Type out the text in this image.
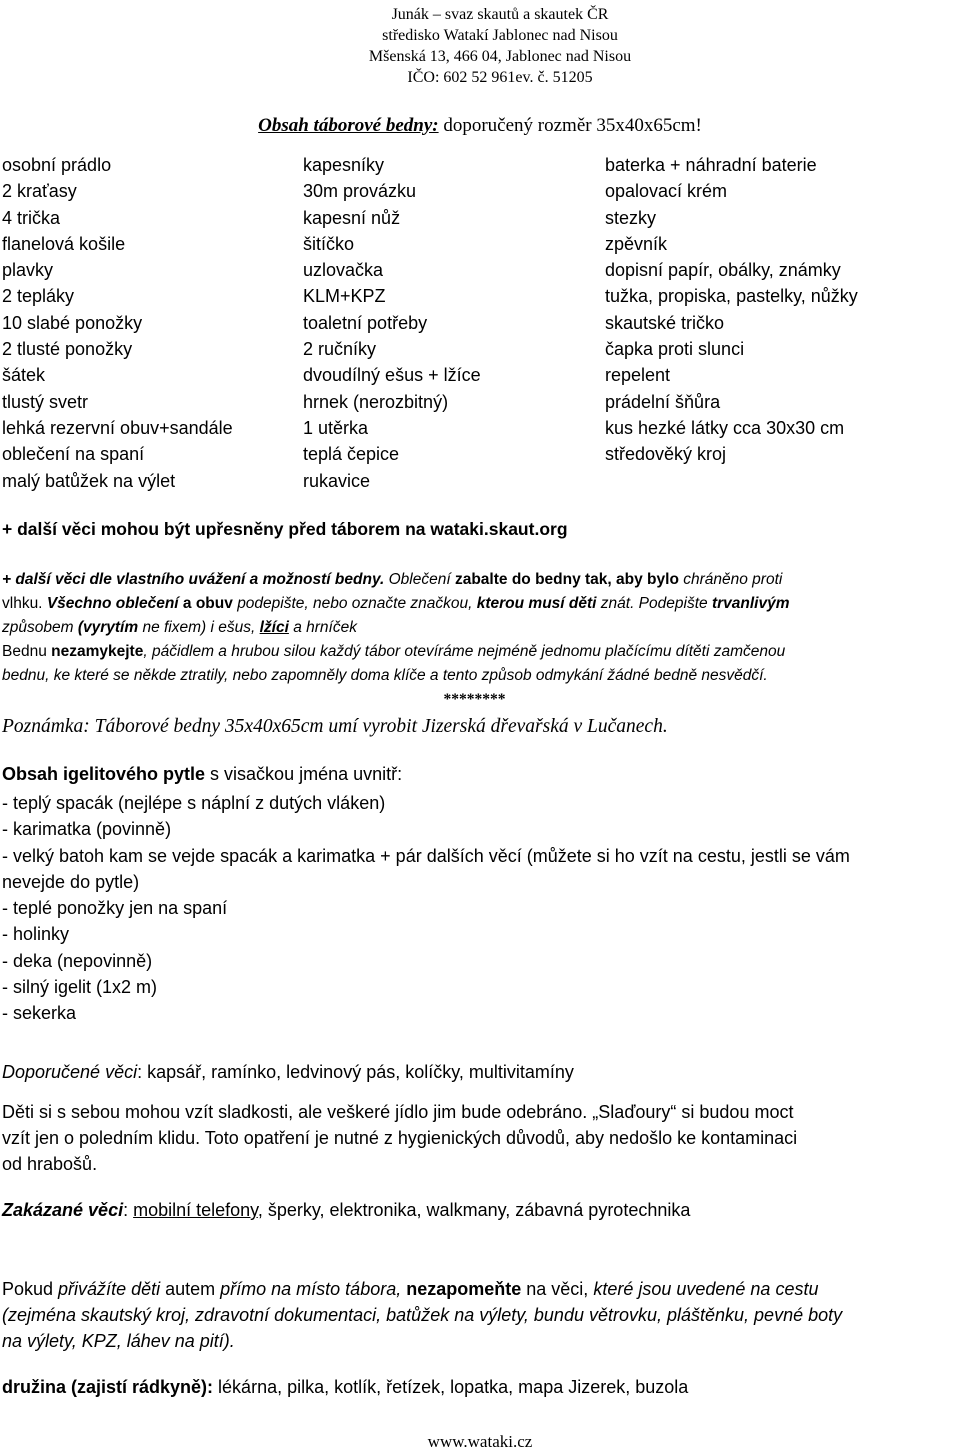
Junák – svaz skautů a skautek ČR
středisko Watakí Jablonec nad Nisou
Mšenská 13, 466 04, Jablonec nad Nisou
IČO: 602 52 961ev. č. 51205
Obsah táborové bedny: doporučený rozměr 35x40x65cm!
osobní prádlo
2 kraťasy
4 trička
flanelová košile
plavky
2 tepláky
10 slabé ponožky
2 tlusté ponožky
šátek
tlustý svetr
lehká rezervní obuv+sandále
oblečení na spaní
malý batůžek na výlet
kapesníky
30m provázku
kapesní nůž
šitíčko
uzlovačka
KLM+KPZ
toaletní potřeby
2 ručníky
dvoudílný ešus + lžíce
hrnek (nerozbitný)
1 utěrka
teplá čepice
rukavice
baterka + náhradní baterie
opalovací krém
stezky
zpěvník
dopisní papír, obálky, známky
tužka, propiska, pastelky, nůžky
skautské tričko
čapka proti slunci
repelent
prádelní šňůra
kus hezké látky cca 30x30 cm
středověký kroj
+ další věci mohou být upřesněny před táborem na wataki.skaut.org
+ další věci dle vlastního uvážení a možností bedny. Oblečení zabalte do bedny tak, aby bylo chráněno proti
vlhku. Všechno oblečení a obuv podepište, nebo označte značkou, kterou musí děti znát. Podepište trvanlivým
způsobem (vyrytím ne fixem) i ešus, lžíci a hrníček
Bednu nezamykejte, páčidlem a hrubou silou každý tábor otevíráme nejméně jednomu plačícímu dítěti zamčenou
bednu, ke které se někde ztratily, nebo zapomněly doma klíče a tento způsob odmykání žádné bedně nesvědčí.

********
Poznámka: Táborové bedny 35x40x65cm umí vyrobit Jizerská dřevařská v Lučanech.
Obsah igelitového pytle s visačkou jména uvnitř:
- teplý spacák (nejlépe s náplní z dutých vláken)
- karimatka (povinně)
- velký batoh kam se vejde spacák a karimatka + pár dalších věcí (můžete si ho vzít na cestu, jestli se vám
nevejde do pytle)
- teplé ponožky jen na spaní
- holinky
- deka (nepovinně)
- silný igelit (1x2 m)
- sekerka
Doporučené věci: kapsář, ramínko, ledvinový pás, kolíčky, multivitamíny
Děti si s sebou mohou vzít sladkosti, ale veškeré jídlo jim bude odebráno. „Slaďoury“ si budou moct
vzít jen o poledním klidu. Toto opatření je nutné z hygienických důvodů, aby nedošlo ke kontaminaci
od hrabošů.
Zakázané věci: mobilní telefony, šperky, elektronika, walkmany, zábavná pyrotechnika
Pokud přivážíte děti autem přímo na místo tábora, nezapomeňte na věci, které jsou uvedené na cestu
(zejména skautský kroj, zdravotní dokumentaci, batůžek na výlety, bundu větrovku, pláštěnku, pevné boty
na výlety, KPZ, láhev na pití).
družina (zajistí rádkyně): lékárna, pilka, kotlík, řetízek, lopatka, mapa Jizerek, buzola
www.wataki.cz
